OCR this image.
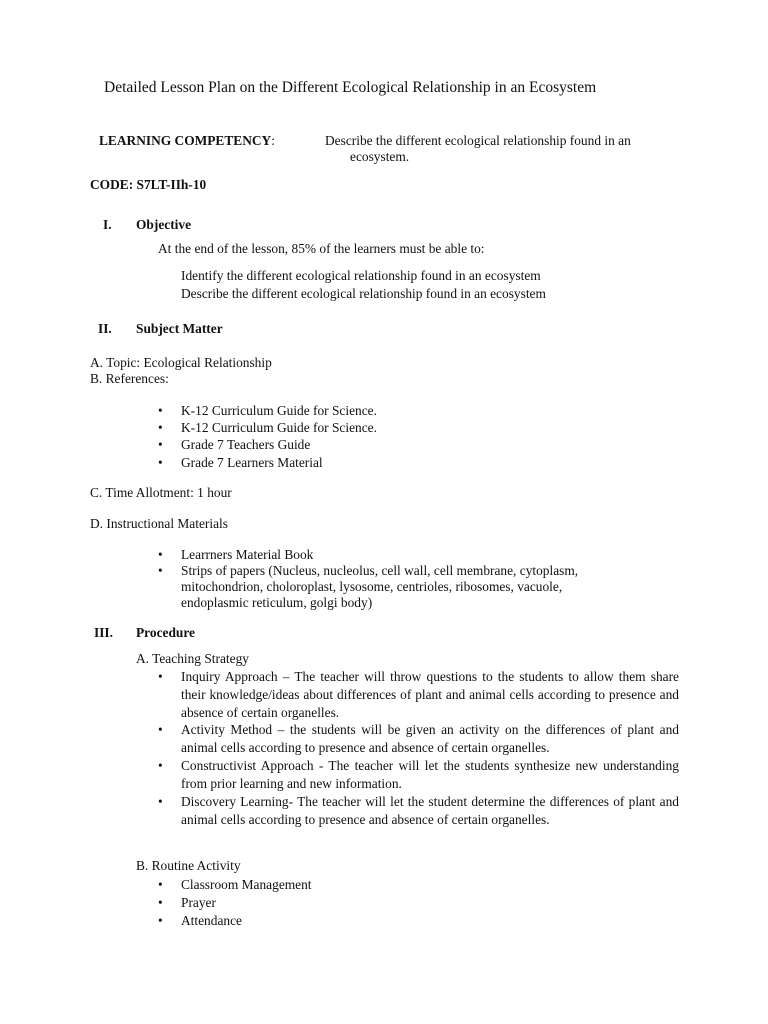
Detailed Lesson Plan on the Different Ecological Relationship in an Ecosystem
LEARNING COMPETENCY:	Describe the different ecological relationship found in an
ecosystem.
CODE: S7LT-IIh-10
I. Objective
At the end of the lesson, 85% of the learners must be able to:
Identify the different ecological relationship found in an ecosystem
Describe the different ecological relationship found in an ecosystem
II. Subject Matter
A. Topic: Ecological Relationship
B. References:
• K-12 Curriculum Guide for Science.
• K-12 Curriculum Guide for Science.
• Grade 7 Teachers Guide
• Grade 7 Learners Material
C. Time Allotment: 1 hour
D. Instructional Materials
• Learrners Material Book
• Strips of papers (Nucleus, nucleolus, cell wall, cell membrane, cytoplasm,
mitochondrion, choloroplast, lysosome, centrioles, ribosomes, vacuole,
endoplasmic reticulum, golgi body)
III. Procedure
A. Teaching Strategy
• Inquiry Approach – The teacher will throw questions to the students to allow them share their knowledge/ideas about differences of plant and animal cells according to presence and absence of certain organelles.
• Activity Method – the students will be given an activity on the differences of plant and animal cells according to presence and absence of certain organelles.
• Constructivist Approach - The teacher will let the students synthesize new understanding from prior learning and new information.
• Discovery Learning- The teacher will let the student determine the differences of plant and animal cells according to presence and absence of certain organelles.
B. Routine Activity
• Classroom Management
• Prayer
• Attendance
